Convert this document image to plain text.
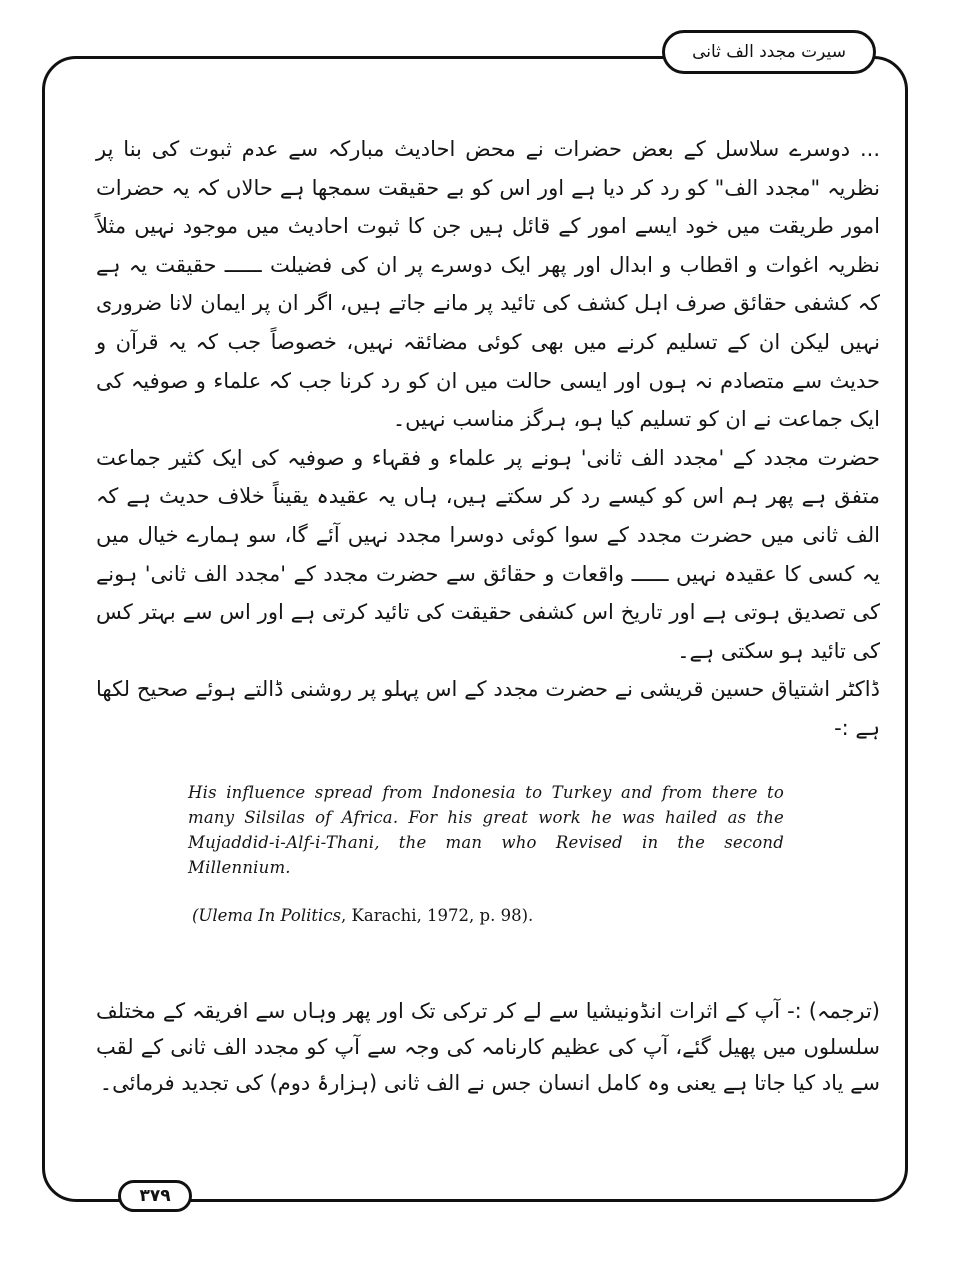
سیرت مجدد الف ثانی

... دوسرے سلاسل کے بعض حضرات نے محض احادیث مبارکہ سے عدم ثبوت کی بنا پر نظریہ "مجدد الف" کو رد کر دیا ہے اور اس کو بے حقیقت سمجھا ہے حالاں کہ یہ حضرات امور طریقت میں خود ایسے امور کے قائل ہیں جن کا ثبوت احادیث میں موجود نہیں مثلاً نظریہ اغوات و اقطاب و ابدال اور پھر ایک دوسرے پر ان کی فضیلت ــــــ حقیقت یہ ہے کہ کشفی حقائق صرف اہل کشف کی تائید پر مانے جاتے ہیں، اگر ان پر ایمان لانا ضروری نہیں لیکن ان کے تسلیم کرنے میں بھی کوئی مضائقہ نہیں، خصوصاً جب کہ یہ قرآن و حدیث سے متصادم نہ ہوں اور ایسی حالت میں ان کو رد کرنا جب کہ علماء و صوفیہ کی ایک جماعت نے ان کو تسلیم کیا ہو، ہرگز مناسب نہیں۔

حضرت مجدد کے 'مجدد الف ثانی' ہونے پر علماء و فقہاء و صوفیہ کی ایک کثیر جماعت متفق ہے پھر ہم اس کو کیسے رد کر سکتے ہیں، ہاں یہ عقیدہ یقیناً خلاف حدیث ہے کہ الف ثانی میں حضرت مجدد کے سوا کوئی دوسرا مجدد نہیں آئے گا، سو ہمارے خیال میں یہ کسی کا عقیدہ نہیں ــــــ واقعات و حقائق سے حضرت مجدد کے 'مجدد الف ثانی' ہونے کی تصدیق ہوتی ہے اور تاریخ اس کشفی حقیقت کی تائید کرتی ہے اور اس سے بہتر کس کی تائید ہو سکتی ہے۔

ڈاکٹر اشتیاق حسین قریشی نے حضرت مجدد کے اس پہلو پر روشنی ڈالتے ہوئے صحیح لکھا ہے :-

His influence spread from Indonesia to Turkey and from there to many Silsilas of Africa. For his great work he was hailed as the Mujaddid-i-Alf-i-Thani, the man who Revised in the second Millennium.

(Ulema In Politics, Karachi, 1972, p. 98).

(ترجمہ) :- آپ کے اثرات انڈونیشیا سے لے کر ترکی تک اور پھر وہاں سے افریقہ کے مختلف سلسلوں میں پھیل گئے، آپ کی عظیم کارنامہ کی وجہ سے آپ کو مجدد الف ثانی کے لقب سے یاد کیا جاتا ہے یعنی وہ کامل انسان جس نے الف ثانی (ہزارۂ دوم) کی تجدید فرمائی۔

۳۷۹
